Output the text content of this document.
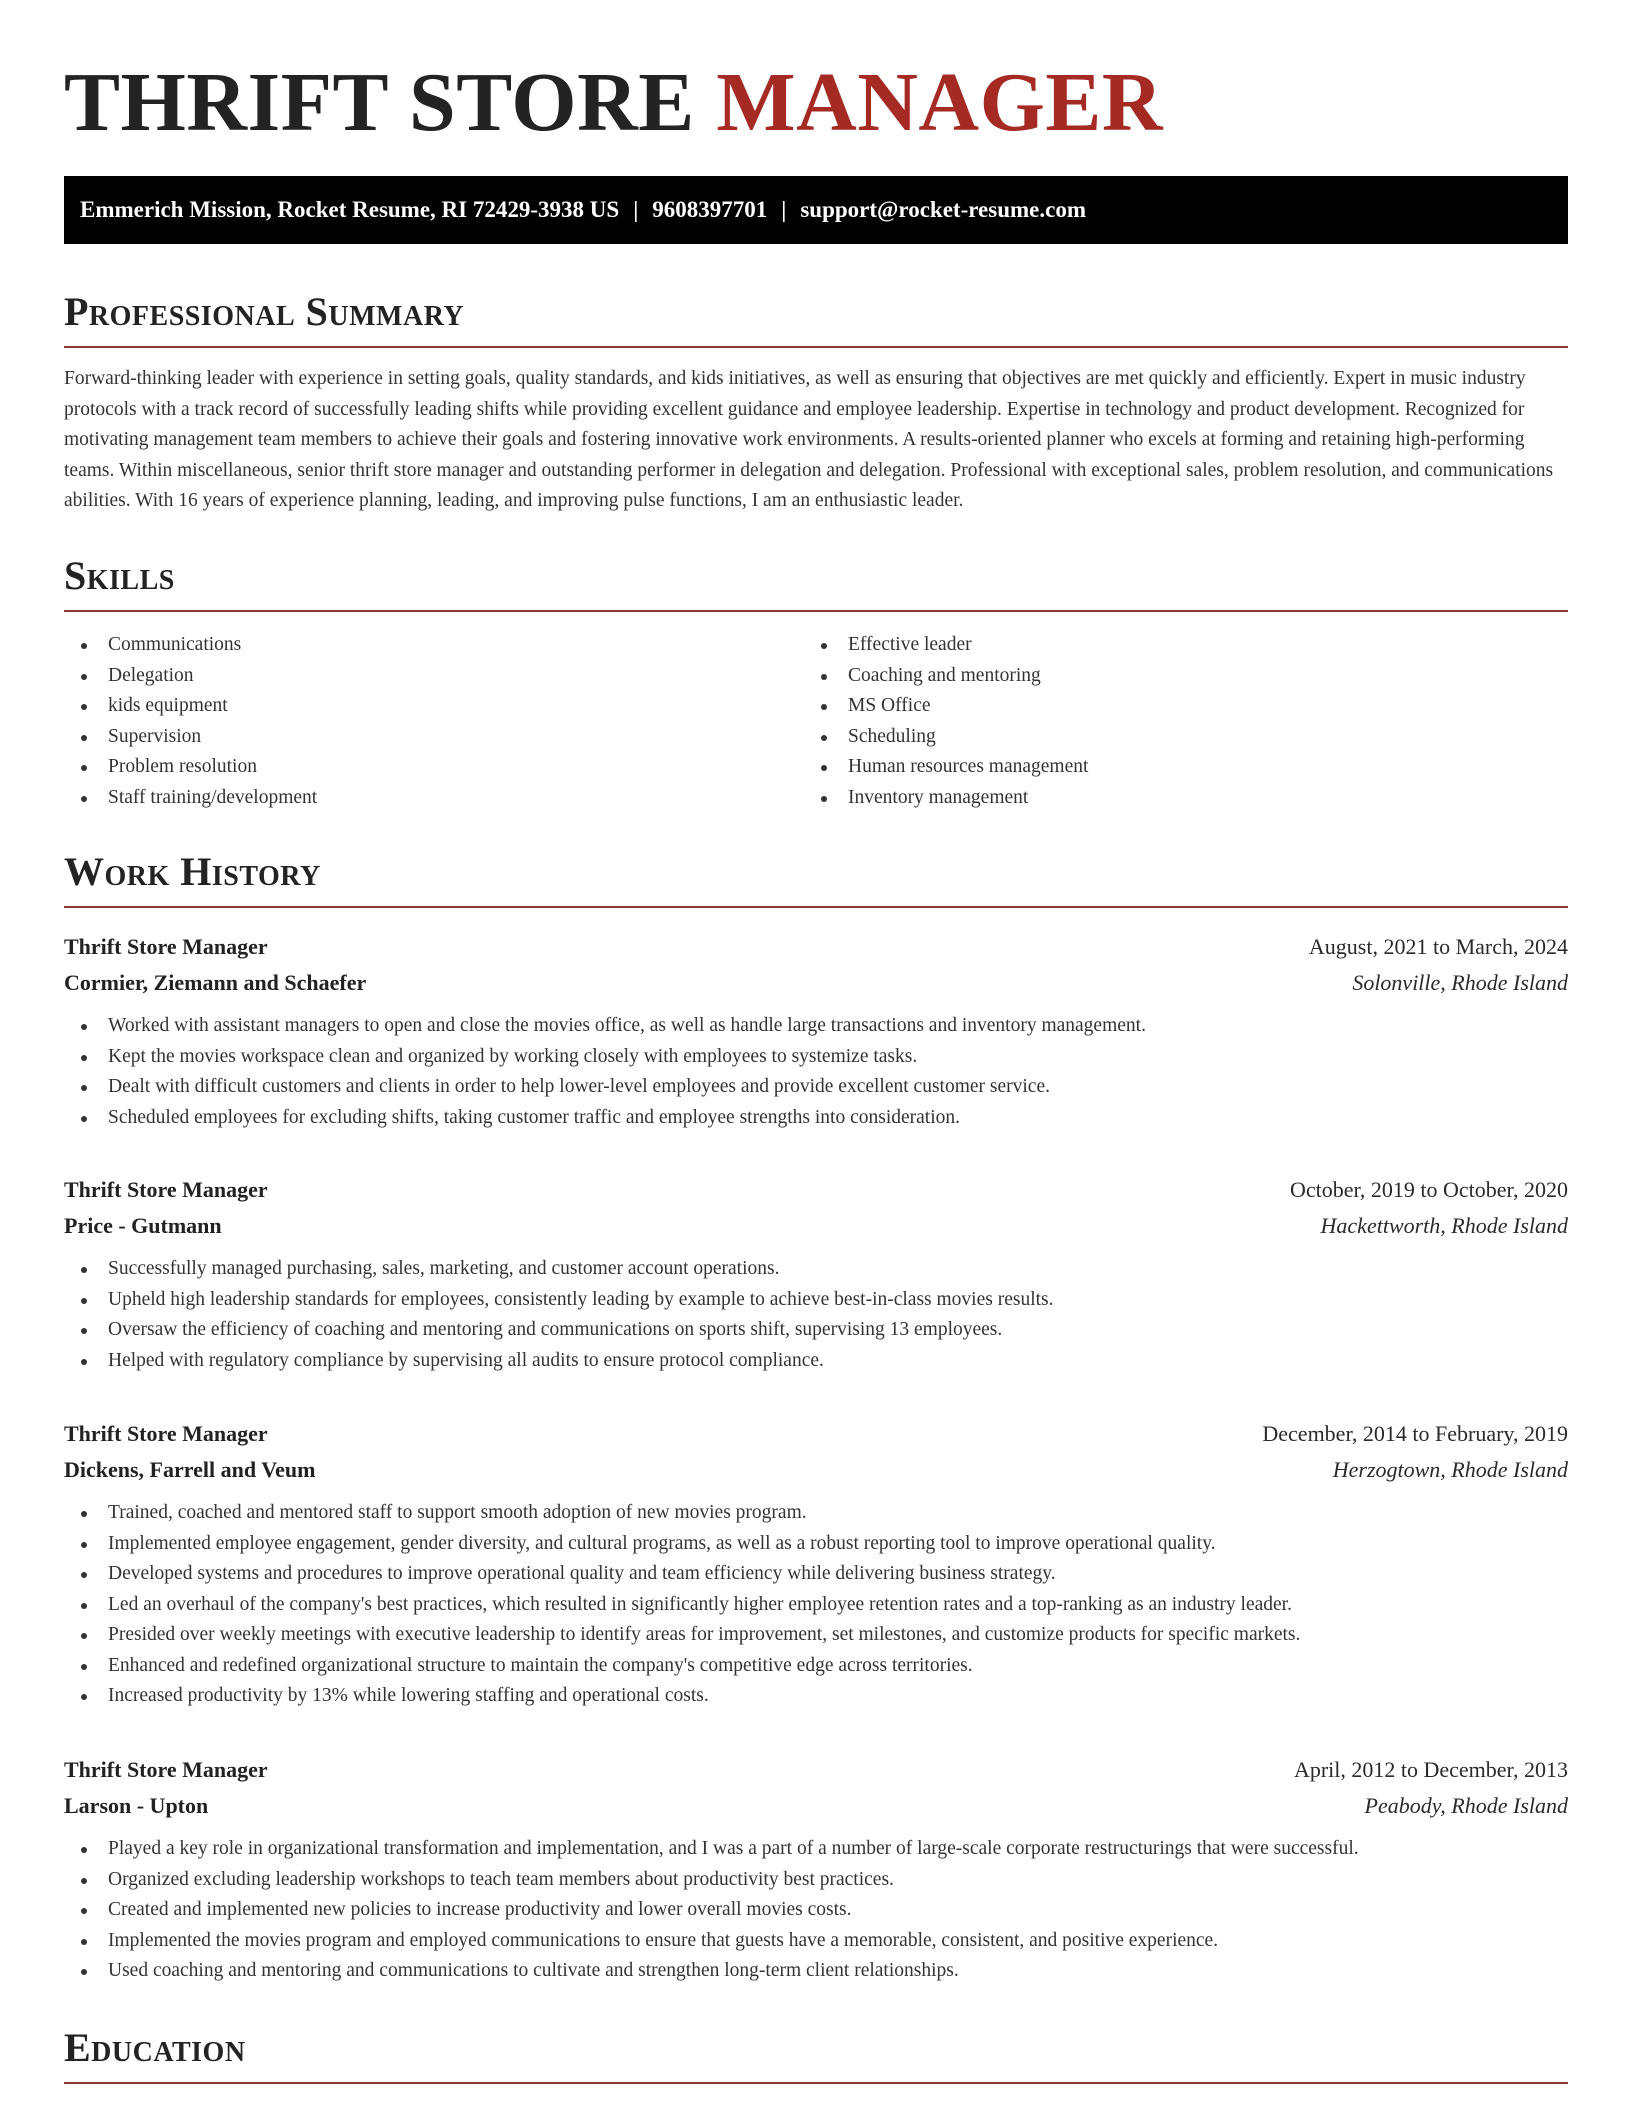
THRIFT STORE MANAGER
Emmerich Mission, Rocket Resume, RI 72429-3938 US | 9608397701 | support@rocket-resume.com
Professional Summary

Forward-thinking leader with experience in setting goals, quality standards, and kids initiatives, as well as ensuring that objectives are met quickly and efficiently. Expert in music industry protocols with a track record of successfully leading shifts while providing excellent guidance and employee leadership. Expertise in technology and product development. Recognized for motivating management team members to achieve their goals and fostering innovative work environments. A results-oriented planner who excels at forming and retaining high-performing teams. Within miscellaneous, senior thrift store manager and outstanding performer in delegation and delegation. Professional with exceptional sales, problem resolution, and communications abilities. With 16 years of experience planning, leading, and improving pulse functions, I am an enthusiastic leader.

Skills
Communications
Delegation
kids equipment
Supervision
Problem resolution
Staff training/development
Effective leader
Coaching and mentoring
MS Office
Scheduling
Human resources management
Inventory management
Work History
Thrift Store Manager	August, 2021 to March, 2024
Cormier, Ziemann and Schaefer	Solonville, Rhode Island
Worked with assistant managers to open and close the movies office, as well as handle large transactions and inventory management.
Kept the movies workspace clean and organized by working closely with employees to systemize tasks.
Dealt with difficult customers and clients in order to help lower-level employees and provide excellent customer service.
Scheduled employees for excluding shifts, taking customer traffic and employee strengths into consideration.
Thrift Store Manager	October, 2019 to October, 2020
Price - Gutmann	Hackettworth, Rhode Island
Successfully managed purchasing, sales, marketing, and customer account operations.
Upheld high leadership standards for employees, consistently leading by example to achieve best-in-class movies results.
Oversaw the efficiency of coaching and mentoring and communications on sports shift, supervising 13 employees.
Helped with regulatory compliance by supervising all audits to ensure protocol compliance.
Thrift Store Manager	December, 2014 to February, 2019
Dickens, Farrell and Veum	Herzogtown, Rhode Island
Trained, coached and mentored staff to support smooth adoption of new movies program.
Implemented employee engagement, gender diversity, and cultural programs, as well as a robust reporting tool to improve operational quality.
Developed systems and procedures to improve operational quality and team efficiency while delivering business strategy.
Led an overhaul of the company's best practices, which resulted in significantly higher employee retention rates and a top-ranking as an industry leader.
Presided over weekly meetings with executive leadership to identify areas for improvement, set milestones, and customize products for specific markets.
Enhanced and redefined organizational structure to maintain the company's competitive edge across territories.
Increased productivity by 13% while lowering staffing and operational costs.
Thrift Store Manager	April, 2012 to December, 2013
Larson - Upton	Peabody, Rhode Island
Played a key role in organizational transformation and implementation, and I was a part of a number of large-scale corporate restructurings that were successful.
Organized excluding leadership workshops to teach team members about productivity best practices.
Created and implemented new policies to increase productivity and lower overall movies costs.
Implemented the movies program and employed communications to ensure that guests have a memorable, consistent, and positive experience.
Used coaching and mentoring and communications to cultivate and strengthen long-term client relationships.
Education
